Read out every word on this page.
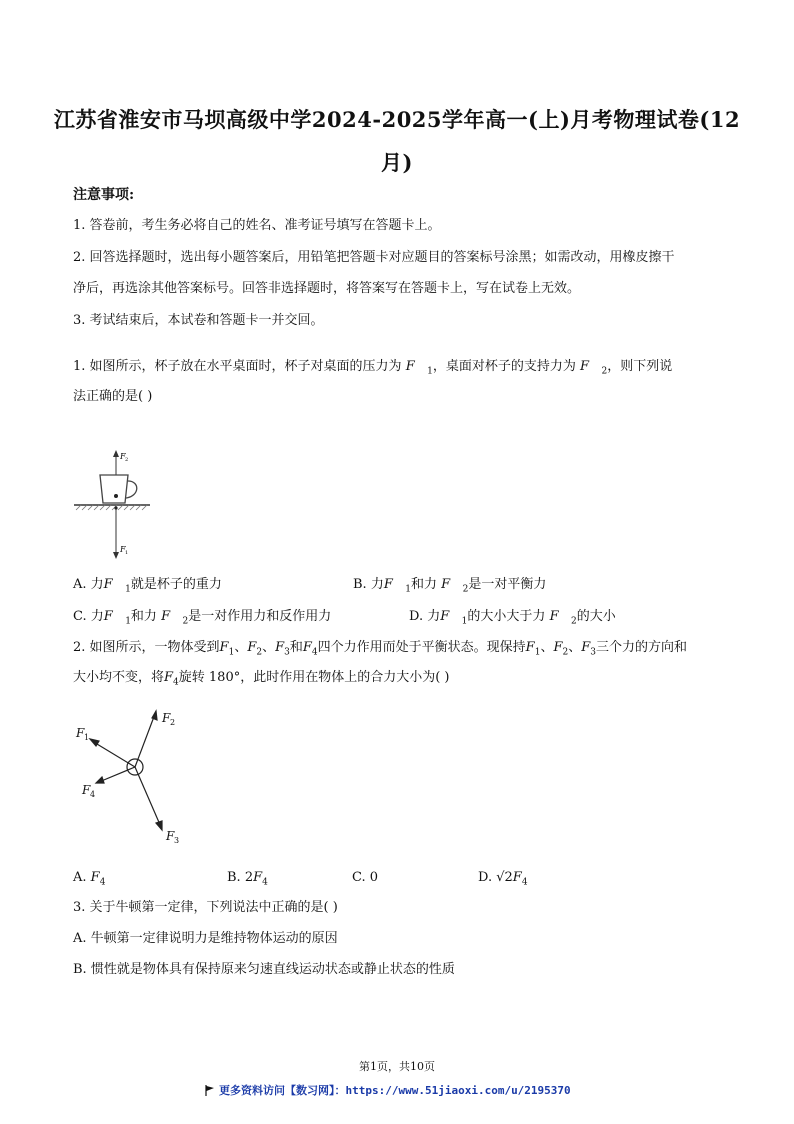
江苏省淮安市马坝高级中学2024-2025学年高一(上)月考物理试卷(12
月)
注意事项:
1. 答卷前，考生务必将自己的姓名、准考证号填写在答题卡上。
2. 回答选择题时，选出每小题答案后，用铅笔把答题卡对应题目的答案标号涂黑；如需改动，用橡皮擦干
净后，再选涂其他答案标号。回答非选择题时，将答案写在答题卡上，写在试卷上无效。
3. 考试结束后，本试卷和答题卡一并交回。
1. 如图所示，杯子放在水平桌面时，杯子对桌面的压力为 F $_1$，桌面对杯子的支持力为 F $_2$，则下列说
法正确的是( )
F 2
F 1
A. 力F $_1$就是杯子的重力	B. 力F $_1$和力 F $_2$是一对平衡力
C. 力F $_1$和力 F $_2$是一对作用力和反作用力	D. 力F $_1$的大小大于力 F $_2$的大小
2. 如图所示，一物体受到$F_1$、$F_2$、$F_3$和$F_4$四个力作用而处于平衡状态。现保持$F_1$、$F_2$、$F_3$三个力的方向和
大小均不变，将$F_4$旋转 180°，此时作用在物体上的合力大小为( )
F
F
F
F
1
2
3
4
A. $F_4$	B. $2F_4$	C. 0	D. $√2F_4$
3. 关于牛顿第一定律，下列说法中正确的是( )
A. 牛顿第一定律说明力是维持物体运动的原因
B. 惯性就是物体具有保持原来匀速直线运动状态或静止状态的性质
第1页，共10页
更多资料访问【数习网】：https://www.51jiaoxi.com/u/2195370
